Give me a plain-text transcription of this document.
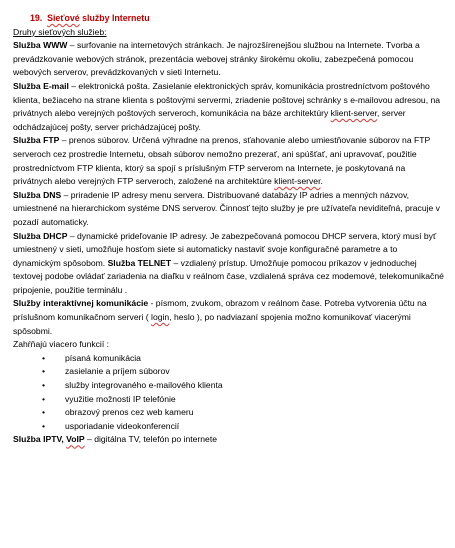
19. Sieťové služby Internetu
Druhy sieťových služieb:

Služba WWW – surfovanie na internetových stránkach. Je najrozšírenejšou službou na Internete. Tvorba a prevádzkovanie webových stránok, prezentácia webovej stránky širokému okoliu, zabezpečená pomocou webových serverov, prevádzkovaných v sieti Internetu.

Služba E-mail – elektronická pošta. Zasielanie elektronických správ, komunikácia prostredníctvom poštového klienta, bežiaceho na strane klienta s poštovými servermi, zriadenie poštovej schránky s e-mailovou adresou, na privátnych alebo verejných poštových serveroch, komunikácia na báze architektúry klient-server, server odchádzajúcej pošty, server prichádzajúcej pošty.

Služba FTP – prenos súborov. Určená výhradne na prenos, sťahovanie alebo umiestňovanie súborov na FTP serveroch cez prostredie Internetu, obsah súborov nemožno prezerať, ani spúšťať, ani upravovať, použitie prostredníctvom FTP klienta, ktorý sa spojí s príslušným FTP serverom na Internete, je poskytovaná na privátnych alebo verejných FTP serveroch, založené na architektúre klient-server.

Služba DNS – priradenie IP adresy menu servera. Distribuované databázy IP adries a menných názvov, umiestnené na hierarchickom systéme DNS serverov. Činnosť tejto služby je pre užívateľa neviditeľná, pracuje v pozadí automaticky.

Služba DHCP – dynamické prideľovanie IP adresy. Je zabezpečovaná pomocou DHCP servera, ktorý musí byť umiestnený v sieti, umožňuje hosťom siete si automaticky nastaviť svoje konfiguračné parametre a to dynamickým spôsobom. Služba TELNET – vzdialený prístup. Umožňuje pomocou príkazov v jednoduchej textovej podobe ovládať zariadenia na diaľku v reálnom čase, vzdialená správa cez modemové, telekomunikačné pripojenie, použitie terminálu .

Služby interaktívnej komunikácie - písmom, zvukom, obrazom v reálnom čase. Potreba vytvorenia účtu na príslušnom komunikačnom serveri ( login, heslo ), po nadviazaní spojenia možno komunikovať viacerými spôsobmi.

Zahŕňajú viacero funkcií :
• písaná komunikácia
• zasielanie a príjem súborov
• služby integrovaného e-mailového klienta
• využitie možnosti IP telefónie
• obrazový prenos cez web kameru
• usporiadanie videokonferencií

Služba IPTV, VoIP – digitálna TV, telefón po internete
